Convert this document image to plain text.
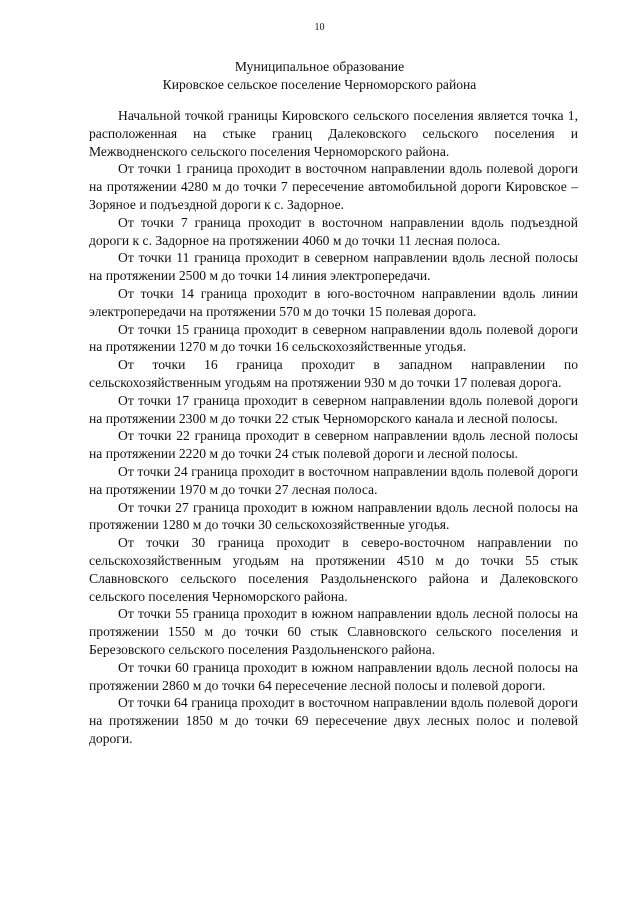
10
Муниципальное образование
Кировское сельское поселение Черноморского района

Начальной точкой границы Кировского сельского поселения является точка 1, расположенная на стыке границ Далековского сельского поселения и Межводненского сельского поселения Черноморского района.

От точки 1 граница проходит в восточном направлении вдоль полевой дороги на протяжении 4280 м до точки 7 пересечение автомобильной дороги Кировское – Зоряное и подъездной дороги к с. Задорное.

От точки 7 граница проходит в восточном направлении вдоль подъездной дороги к с. Задорное на протяжении 4060 м до точки 11 лесная полоса.

От точки 11 граница проходит в северном направлении вдоль лесной полосы на протяжении 2500 м до точки 14 линия электропередачи.

От точки 14 граница проходит в юго-восточном направлении вдоль линии электропередачи на протяжении 570 м до точки 15 полевая дорога.

От точки 15 граница проходит в северном направлении вдоль полевой дороги на протяжении 1270 м до точки 16 сельскохозяйственные угодья.

От точки 16 граница проходит в западном направлении по сельскохозяйственным угодьям на протяжении 930 м до точки 17 полевая дорога.

От точки 17 граница проходит в северном направлении вдоль полевой дороги на протяжении 2300 м до точки 22 стык Черноморского канала и лесной полосы.

От точки 22 граница проходит в северном направлении вдоль лесной полосы на протяжении 2220 м до точки 24 стык полевой дороги и лесной полосы.

От точки 24 граница проходит в восточном направлении вдоль полевой дороги на протяжении 1970 м до точки 27 лесная полоса.

От точки 27 граница проходит в южном направлении вдоль лесной полосы на протяжении 1280 м до точки 30 сельскохозяйственные угодья.

От точки 30 граница проходит в северо-восточном направлении по сельскохозяйственным угодьям на протяжении 4510 м до точки 55 стык Славновского сельского поселения Раздольненского района и Далековского сельского поселения Черноморского района.

От точки 55 граница проходит в южном направлении вдоль лесной полосы на протяжении 1550 м до точки 60 стык Славновского сельского поселения и Березовского сельского поселения Раздольненского района.

От точки 60 граница проходит в южном направлении вдоль лесной полосы на протяжении 2860 м до точки 64 пересечение лесной полосы и полевой дороги.

От точки 64 граница проходит в восточном направлении вдоль полевой дороги на протяжении 1850 м до точки 69 пересечение двух лесных полос и полевой дороги.
